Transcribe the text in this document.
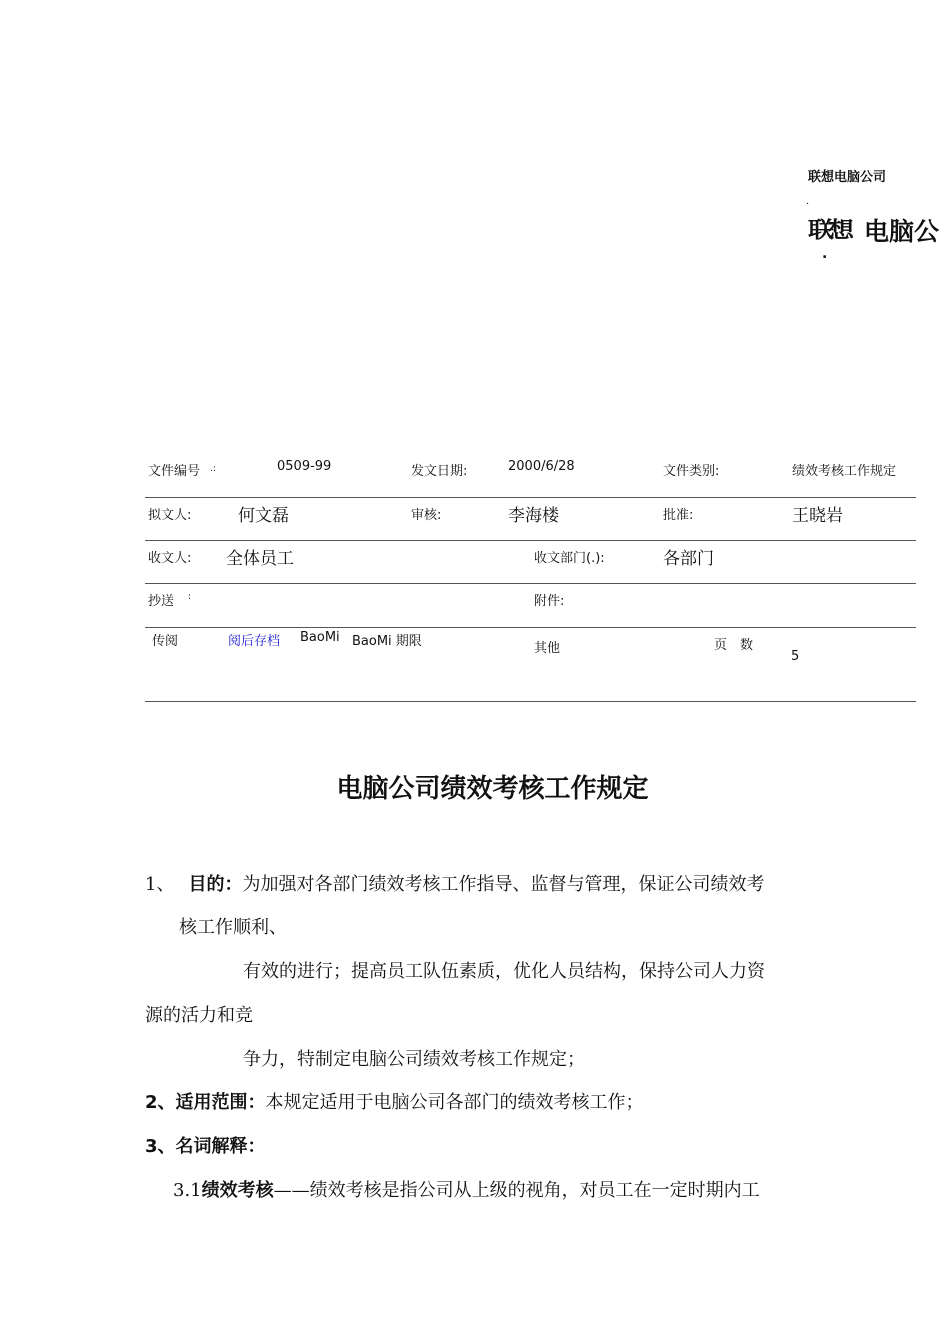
联想电脑公司
.
联想 电脑公
.
文件编号 .:	0509-99	发文日期:	2000/6/28	文件类别:	绩效考核工作规定
拟文人:	何文磊	审核:	李海楼	批准:	王晓岩
收文人: 全体员工	收文部门(.):	各部门
抄送 :	附件:
传阅	阅后存档 BaoMi BaoMi 期限	其他	页　数
5
电脑公司绩效考核工作规定
1、 目的：为加强对各部门绩效考核工作指导、监督与管理，保证公司绩效考
核工作顺利、
有效的进行；提高员工队伍素质，优化人员结构，保持公司人力资
源的活力和竞
争力，特制定电脑公司绩效考核工作规定；
2、适用范围：本规定适用于电脑公司各部门的绩效考核工作；
3、名词解释：
3.1绩效考核——绩效考核是指公司从上级的视角，对员工在一定时期内工
